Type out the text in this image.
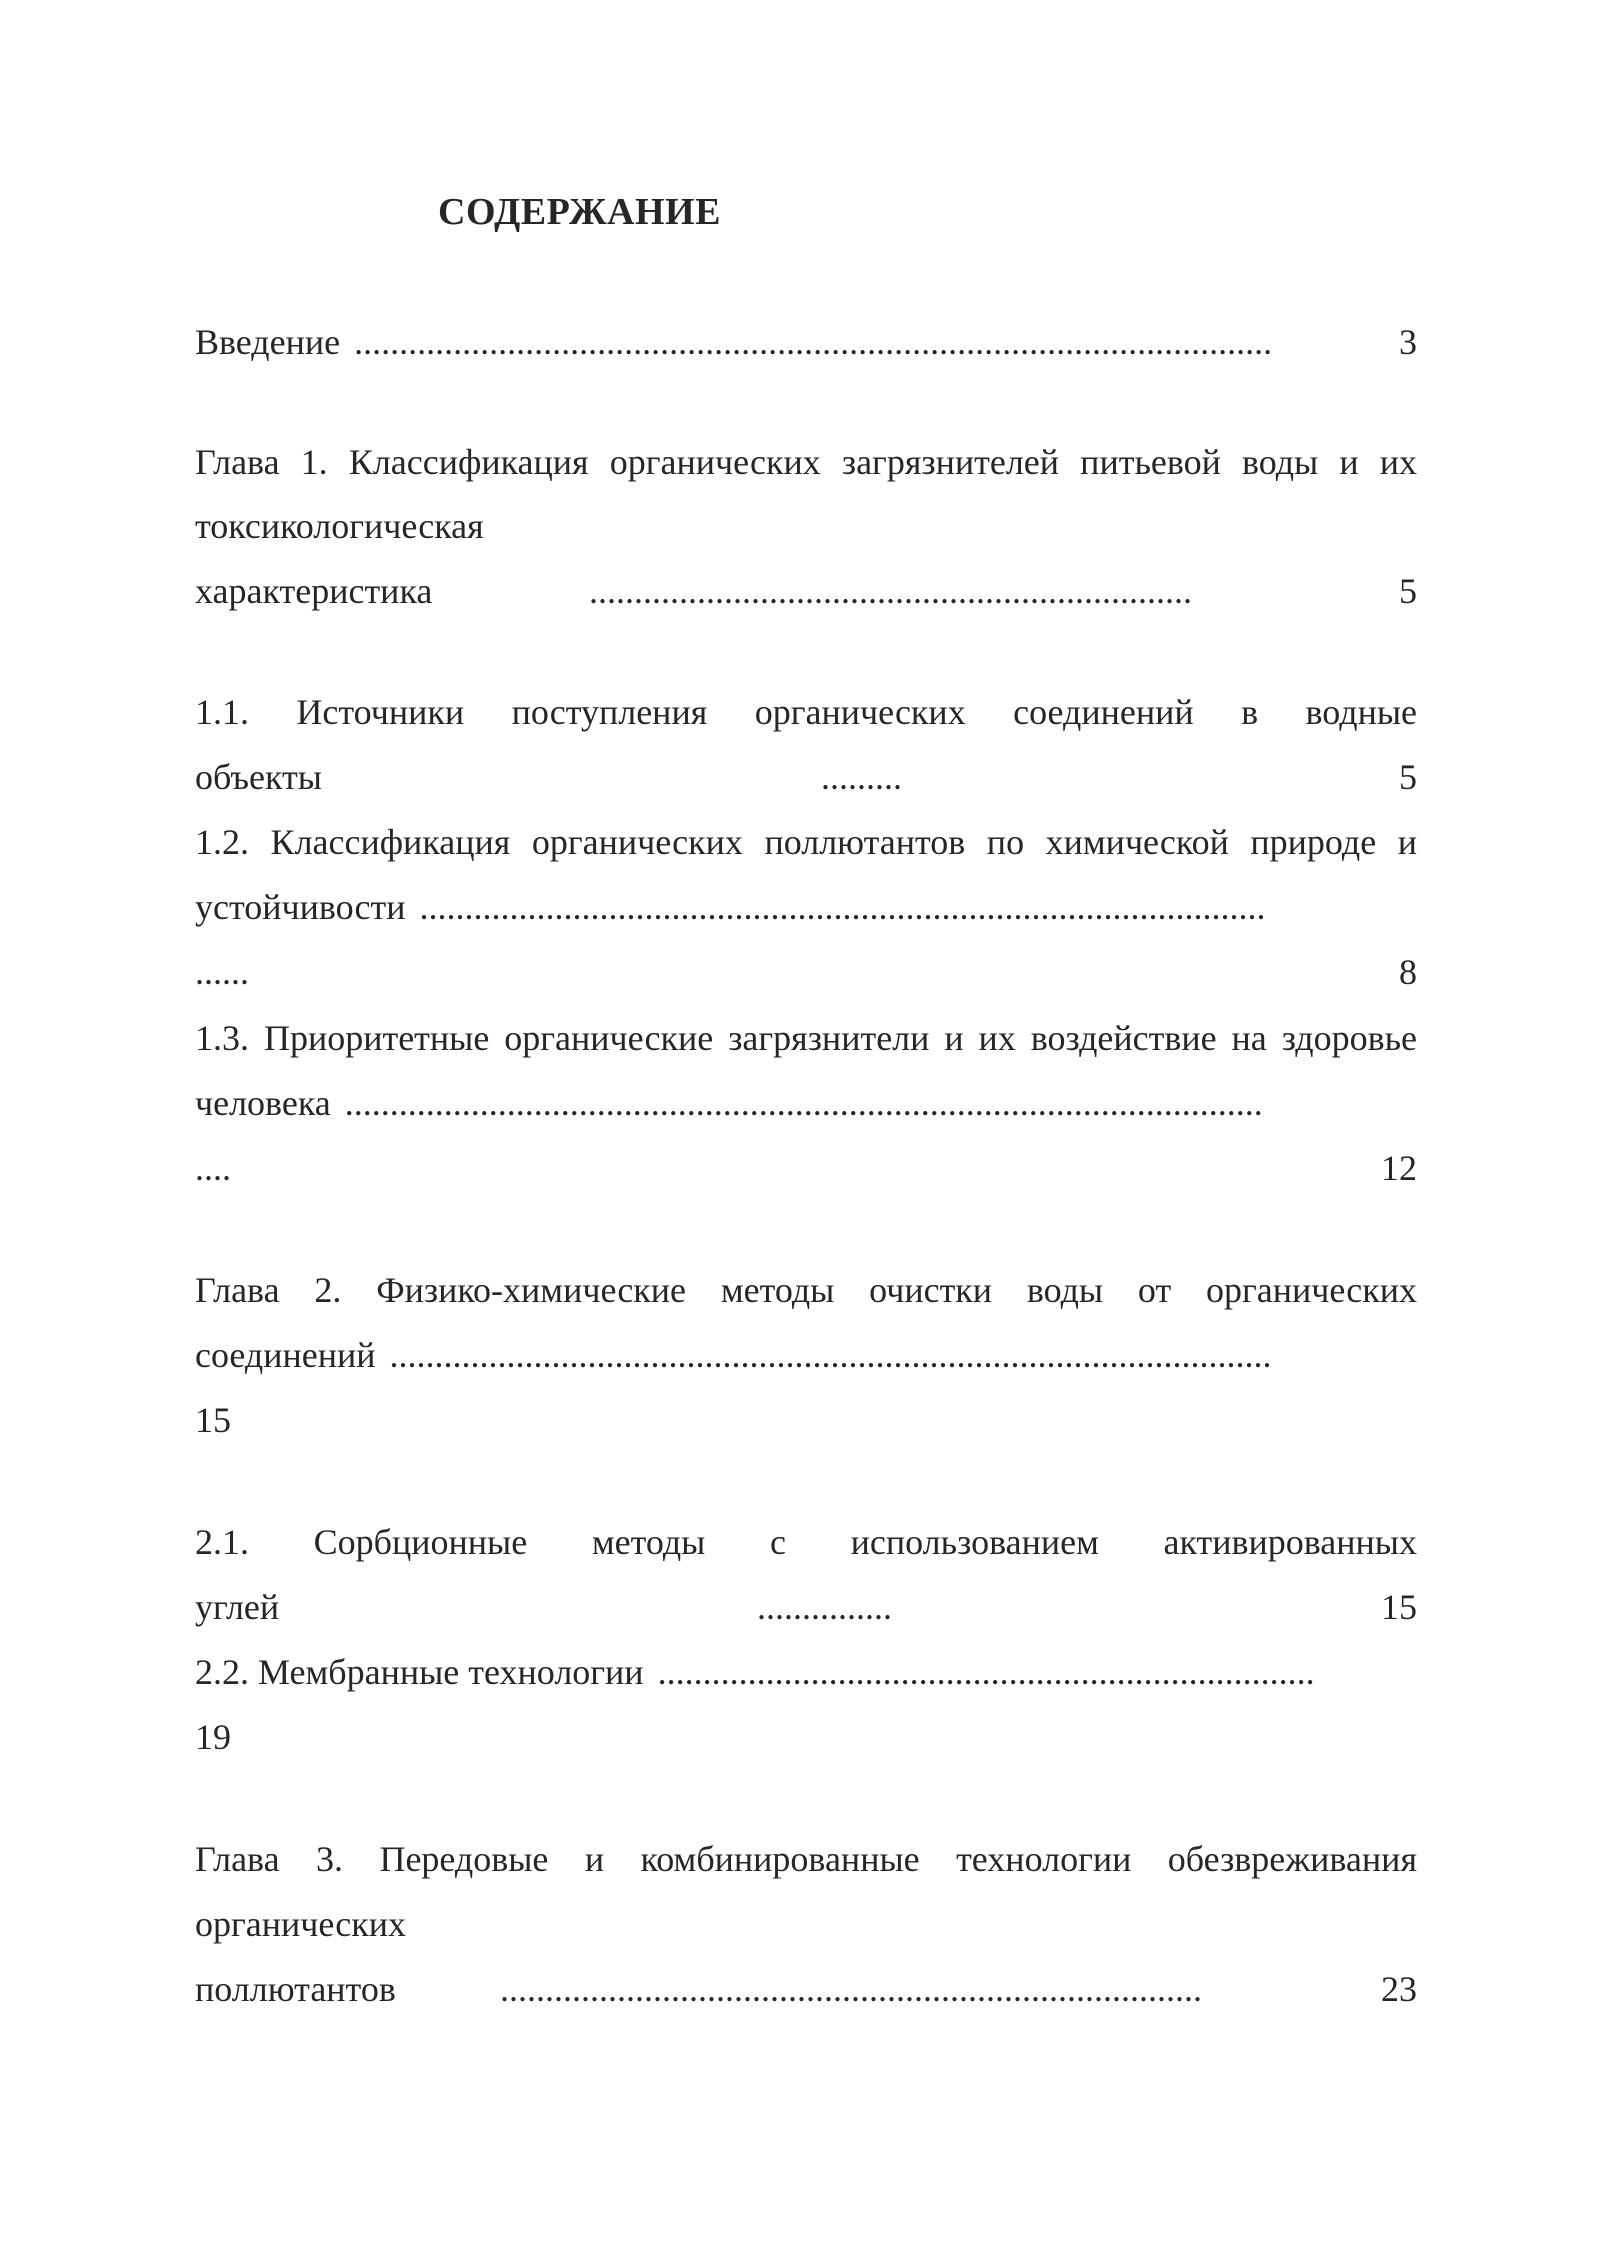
СОДЕРЖАНИЕ
Введение ......................................................................................................	3
Глава 1. Классификация органических загрязнителей питьевой воды и их
токсикологическая
характеристика	...................................................................	5
1.1. Источники поступления органических соединений в водные
объекты	.........	5
1.2. Классификация органических поллютантов по химической природе и
устойчивости ..............................................................................................
......	8
1.3. Приоритетные органические загрязнители и их воздействие на здоровье
человека ......................................................................................................
....	12
Глава 2. Физико-химические методы очистки воды от органических
соединений ..................................................................................................
15
2.1. Сорбционные методы с использованием активированных
углей	...............	15
2.2. Мембранные технологии .........................................................................
19
Глава 3. Передовые и комбинированные технологии обезвреживания
органических
поллютантов	..............................................................................	23
